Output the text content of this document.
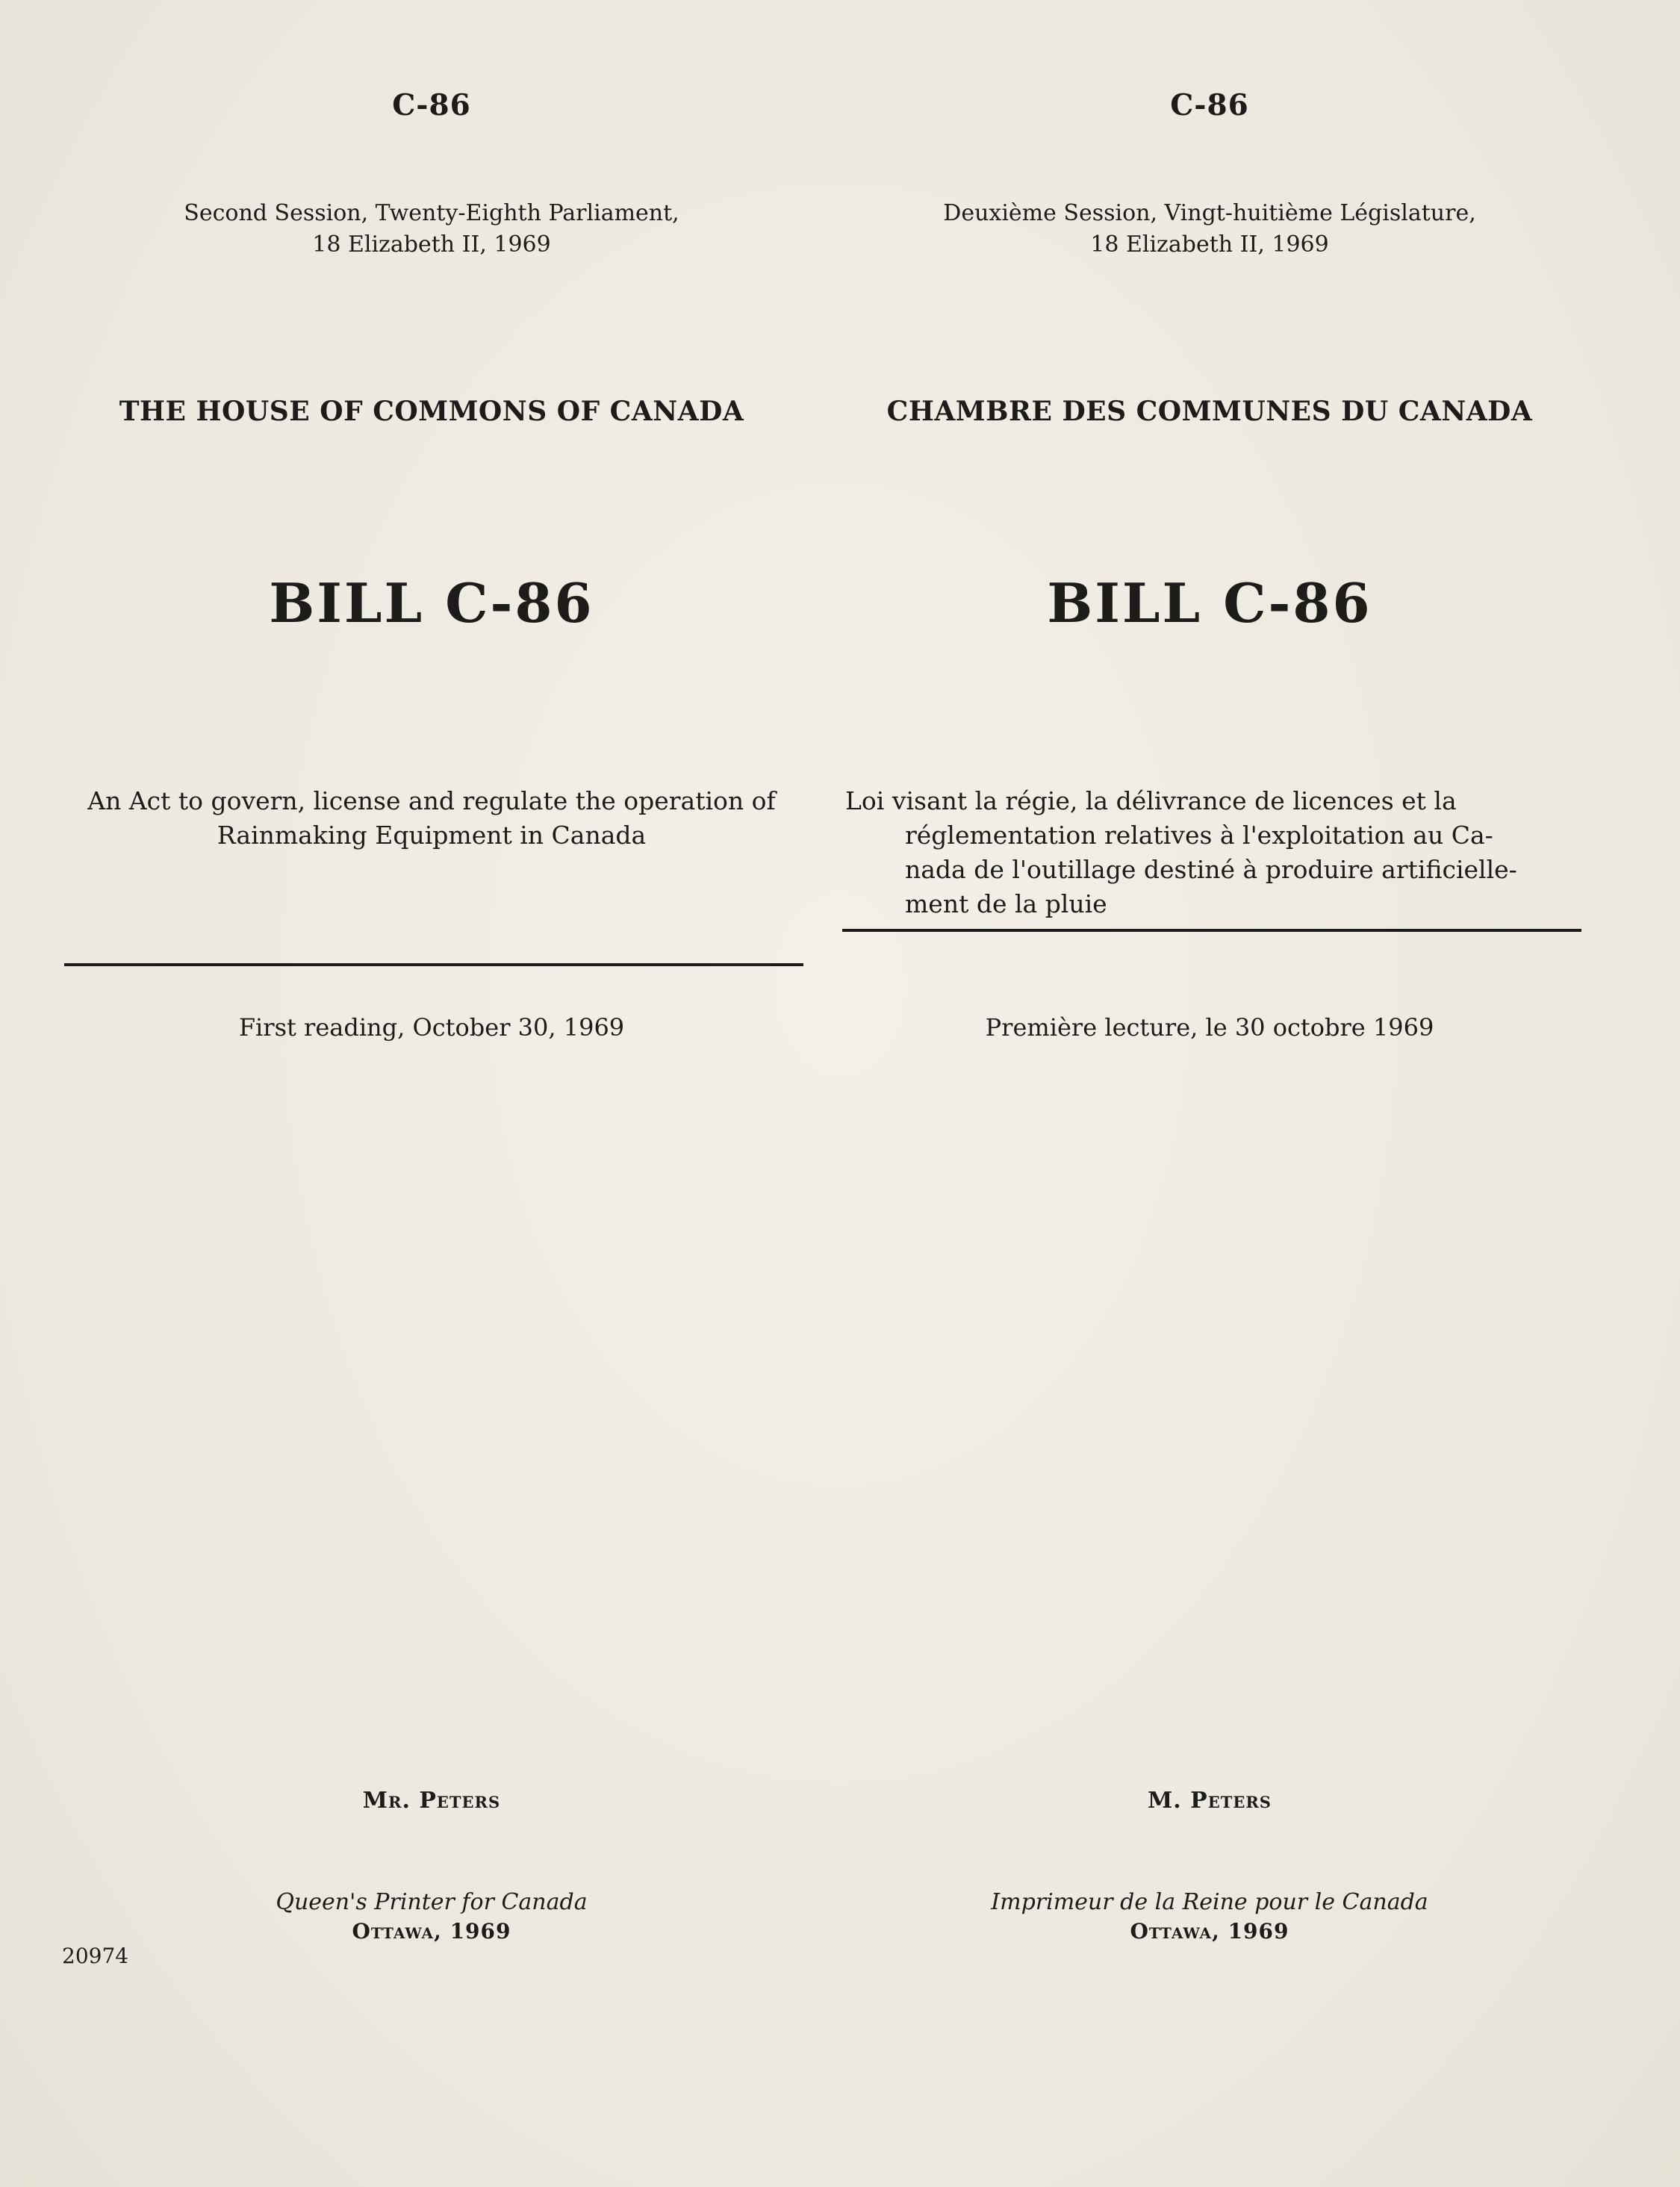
C-86
Second Session, Twenty-Eighth Parliament,
18 Elizabeth II, 1969
THE HOUSE OF COMMONS OF CANADA
BILL C-86
An Act to govern, license and regulate the operation of
Rainmaking Equipment in Canada
First reading, October 30, 1969
Mr. Peters
Queen's Printer for Canada
Ottawa, 1969
C-86
Deuxième Session, Vingt-huitième Législature,
18 Elizabeth II, 1969
CHAMBRE DES COMMUNES DU CANADA
BILL C-86
Loi visant la régie, la délivrance de licences et la
réglementation relatives à l'exploitation au Ca-
nada de l'outillage destiné à produire artificielle-
ment de la pluie
Première lecture, le 30 octobre 1969
M. Peters
Imprimeur de la Reine pour le Canada
Ottawa, 1969
20974
